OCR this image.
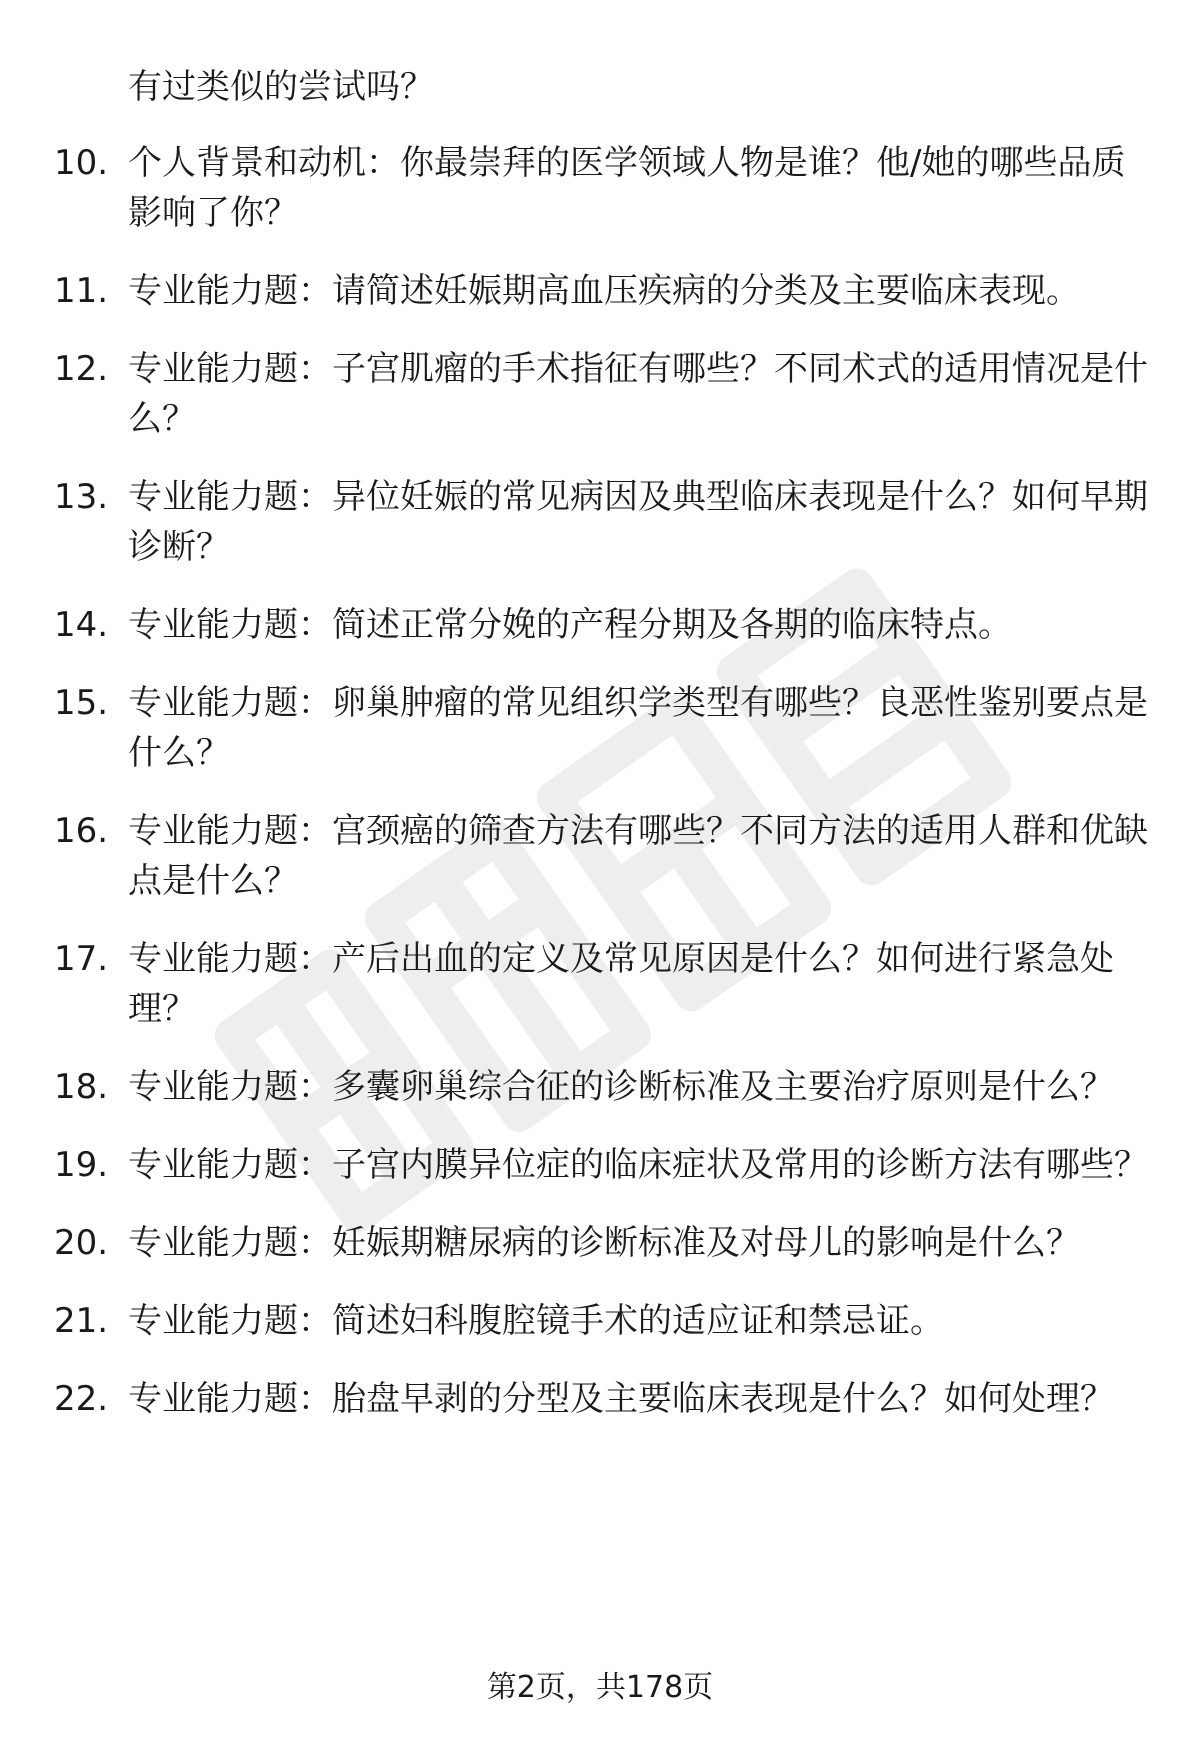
有过类似的尝试吗？
10. 个人背景和动机：你最崇拜的医学领域人物是谁？他/她的哪些品质影响了你？
11. 专业能力题：请简述妊娠期高血压疾病的分类及主要临床表现。
12. 专业能力题：子宫肌瘤的手术指征有哪些？不同术式的适用情况是什么？
13. 专业能力题：异位妊娠的常见病因及典型临床表现是什么？如何早期诊断？
14. 专业能力题：简述正常分娩的产程分期及各期的临床特点。
15. 专业能力题：卵巢肿瘤的常见组织学类型有哪些？良恶性鉴别要点是什么？
16. 专业能力题：宫颈癌的筛查方法有哪些？不同方法的适用人群和优缺点是什么？
17. 专业能力题：产后出血的定义及常见原因是什么？如何进行紧急处理？
18. 专业能力题：多囊卵巢综合征的诊断标准及主要治疗原则是什么？
19. 专业能力题：子宫内膜异位症的临床症状及常用的诊断方法有哪些？
20. 专业能力题：妊娠期糖尿病的诊断标准及对母儿的影响是什么？
21. 专业能力题：简述妇科腹腔镜手术的适应证和禁忌证。
22. 专业能力题：胎盘早剥的分型及主要临床表现是什么？如何处理？
第2页，共178页
